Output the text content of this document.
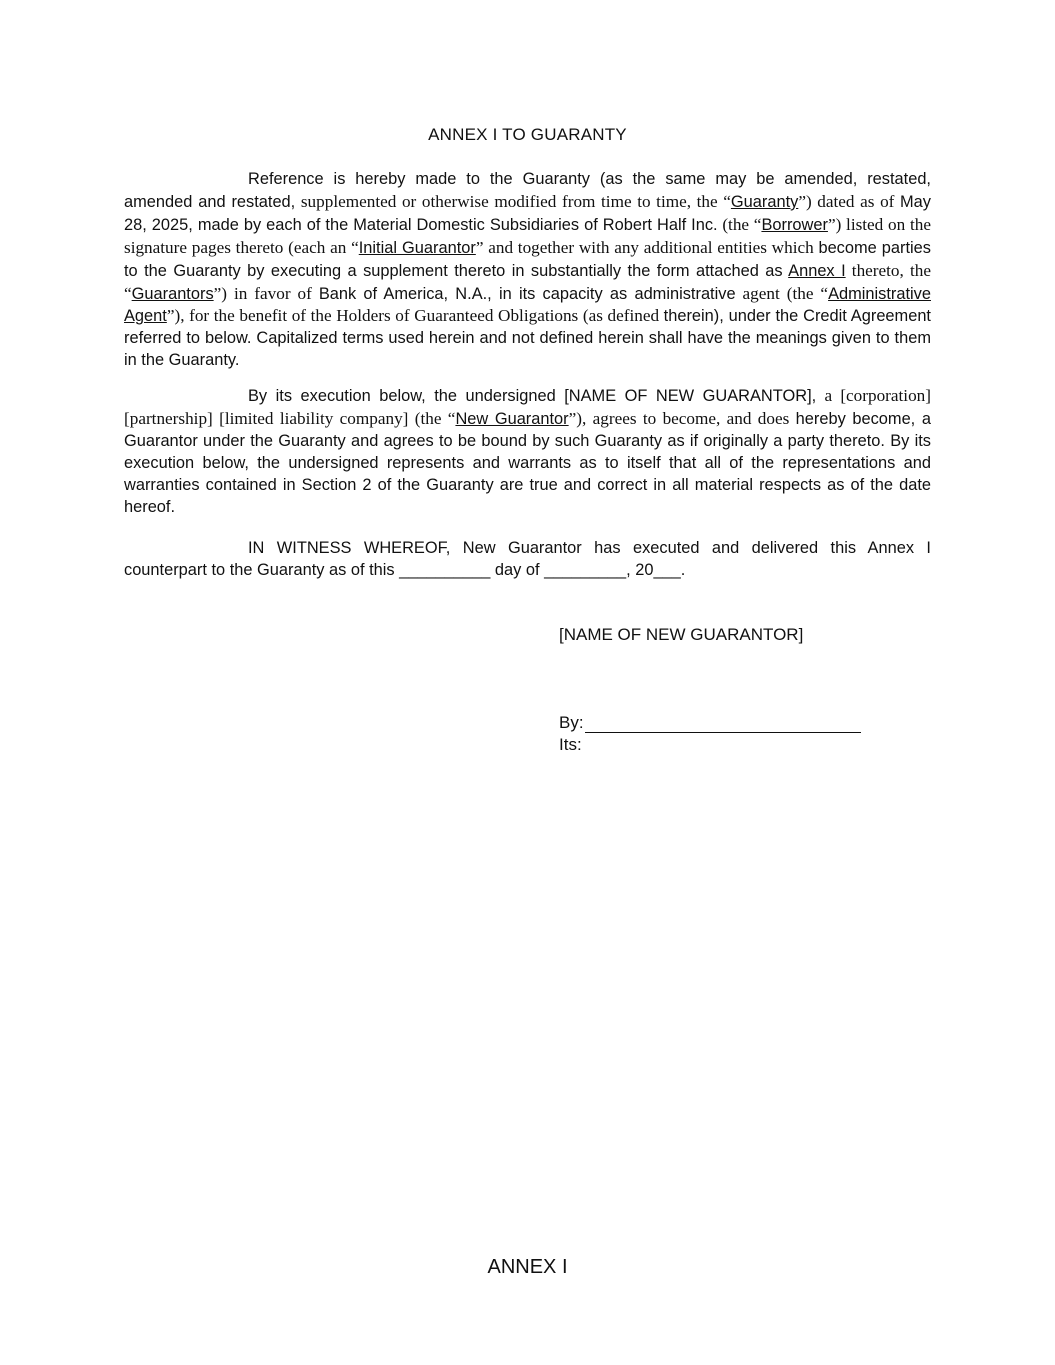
ANNEX I TO GUARANTY
Reference is hereby made to the Guaranty (as the same may be amended, restated, amended and restated, supplemented or otherwise modified from time to time, the “Guaranty”) dated as of May 28, 2025, made by each of the Material Domestic Subsidiaries of Robert Half Inc. (the “Borrower”) listed on the signature pages thereto (each an “Initial Guarantor” and together with any additional entities which become parties to the Guaranty by executing a supplement thereto in substantially the form attached as Annex I thereto, the “Guarantors”) in favor of Bank of America, N.A., in its capacity as administrative agent (the “Administrative Agent”), for the benefit of the Holders of Guaranteed Obligations (as defined therein), under the Credit Agreement referred to below. Capitalized terms used herein and not defined herein shall have the meanings given to them in the Guaranty.
By its execution below, the undersigned [NAME OF NEW GUARANTOR], a [corporation] [partnership] [limited liability company] (the “New Guarantor”), agrees to become, and does hereby become, a Guarantor under the Guaranty and agrees to be bound by such Guaranty as if originally a party thereto. By its execution below, the undersigned represents and warrants as to itself that all of the representations and warranties contained in Section 2 of the Guaranty are true and correct in all material respects as of the date hereof.
IN WITNESS WHEREOF, New Guarantor has executed and delivered this Annex I counterpart to the Guaranty as of this __________ day of _________, 20___.
[NAME OF NEW GUARANTOR]
By:
Its:
ANNEX I
